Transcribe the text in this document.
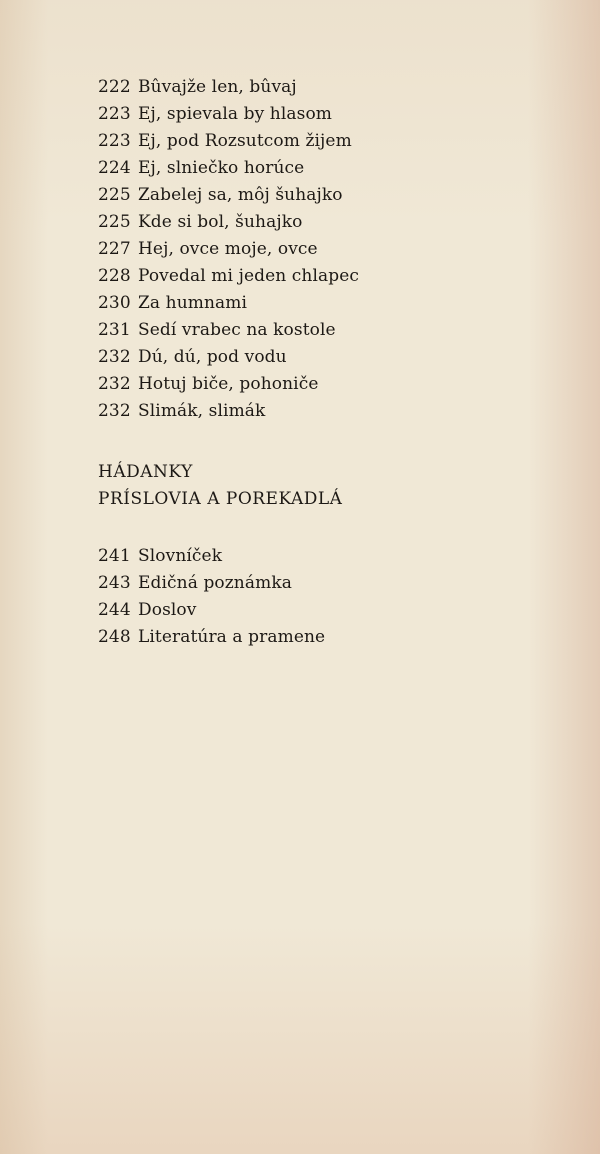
222 Bûvajže len, bûvaj
223 Ej, spievala by hlasom
223 Ej, pod Rozsutcom žijem
224 Ej, slniečko horúce
225 Zabelej sa, môj šuhajko
225 Kde si bol, šuhajko
227 Hej, ovce moje, ovce
228 Povedal mi jeden chlapec
230 Za humnami
231 Sedí vrabec na kostole
232 Dú, dú, pod vodu
232 Hotuj biče, pohoniče
232 Slimák, slimák
HÁDANKY
PRÍSLOVIA A POREKADLÁ
241 Slovníček
243 Edičná poznámka
244 Doslov
248 Literatúra a pramene
